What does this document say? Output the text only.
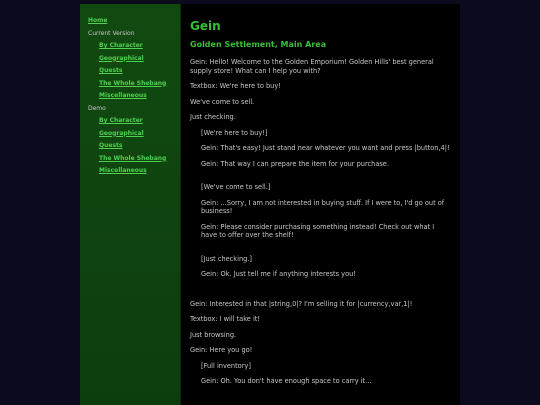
Home
Current Version
By Character
Geographical
Quests
The Whole Shebang
Miscellaneous
Demo
By Character
Geographical
Quests
The Whole Shebang
Miscellaneous
Gein
Golden Settlement, Main Area
Gein: Hello! Welcome to the Golden Emporium! Golden Hills' best general supply store! What can I help you with?
Textbox: We're here to buy!
We've come to sell.
Just checking.
[We're here to buy!]
Gein: That's easy! Just stand near whatever you want and press |button,4|!
Gein: That way I can prepare the item for your purchase.
[We've come to sell.]
Gein: ...Sorry, I am not interested in buying stuff. If I were to, I'd go out of business!
Gein: Please consider purchasing something instead! Check out what I have to offer over the shelf!
[Just checking.]
Gein: Ok. Just tell me if anything interests you!
Gein: Interested in that |string,0|? I'm selling it for |currency,var,1|!
Textbox: I will take it!
Just browsing.
Gein: Here you go!
[Full inventory]
Gein: Oh. You don't have enough space to carry it...
